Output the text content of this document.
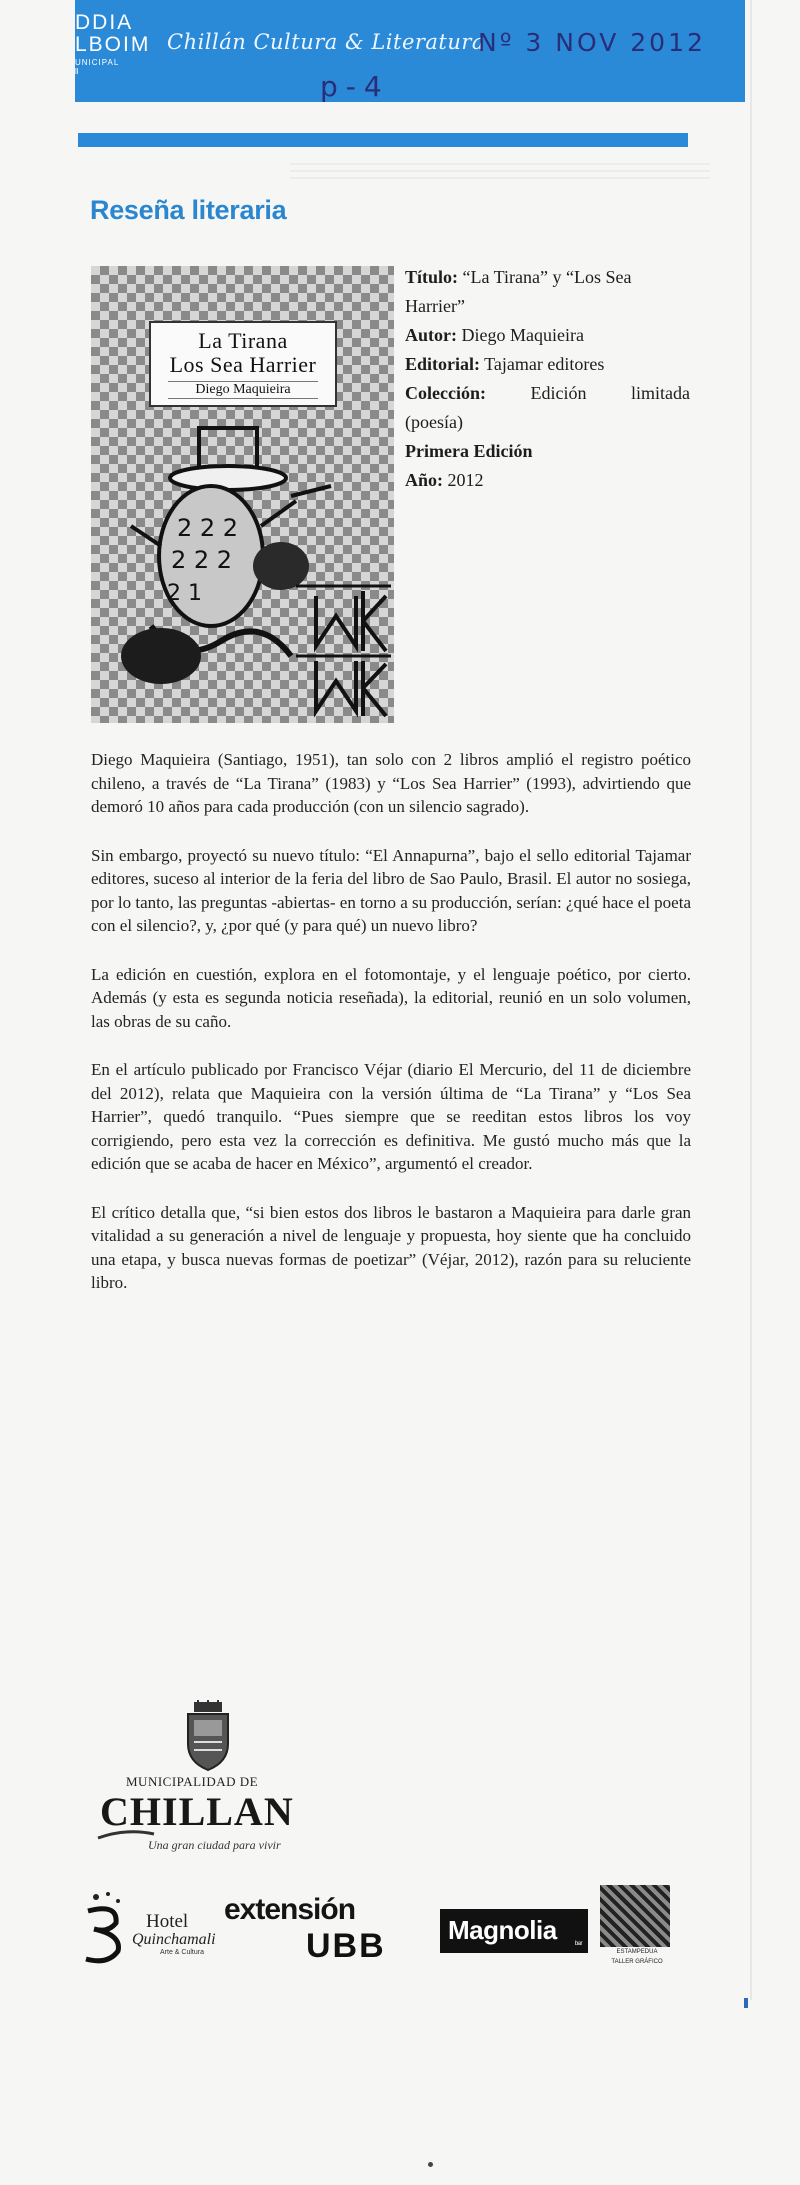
DDIA
LBOIM
UNICIPAL
ll
Chillán Cultura & Literatura
Nº 3 NOV 2012
p-4
Reseña literaria
La Tirana
Los Sea Harrier
Diego Maquieira
2 2 2
2 2 2
2 1

Título: “La Tirana” y “Los Sea

Harrier”

Autor: Diego Maquieira

Editorial: Tajamar editores

Colección: Edición limitada

(poesía)

Primera Edición

Año: 2012

Diego Maquieira (Santiago, 1951), tan solo con 2 libros amplió el registro poético chileno, a través de “La Tirana” (1983) y “Los Sea Harrier” (1993), advirtiendo que demoró 10 años para cada producción (con un silencio sagrado).

Sin embargo, proyectó su nuevo título: “El Annapurna”, bajo el sello editorial Tajamar editores, suceso al interior de la feria del libro de Sao Paulo, Brasil. El autor no sosiega, por lo tanto, las preguntas -abiertas- en torno a su producción, serían: ¿qué hace el poeta con el silencio?, y, ¿por qué (y para qué) un nuevo libro?

La edición en cuestión, explora en el fotomontaje, y el lenguaje poético, por cierto. Además (y esta es segunda noticia reseñada), la editorial, reunió en un solo volumen, las obras de su caño.

En el artículo publicado por Francisco Véjar (diario El Mercurio, del 11 de diciembre del 2012), relata que Maquieira con la versión última de “La Tirana” y “Los Sea Harrier”, quedó tranquilo. “Pues siempre que se reeditan estos libros los voy corrigiendo, pero esta vez la corrección es definitiva. Me gustó mucho más que la edición que se acaba de hacer en México”, argumentó el creador.

El crítico detalla que, “si bien estos dos libros le bastaron a Maquieira para darle gran vitalidad a su generación a nivel de lenguaje y propuesta, hoy siente que ha concluido una etapa, y busca nuevas formas de poetizar” (Véjar, 2012), razón para su reluciente libro.

MUNICIPALIDAD DE
CHILLAN
Una gran ciudad para vivir
Hotel
Quinchamali
Arte & Cultura
extensión
UBB	Magnolia	bar
ESTAMPEDUA
TALLER GRÁFICO
